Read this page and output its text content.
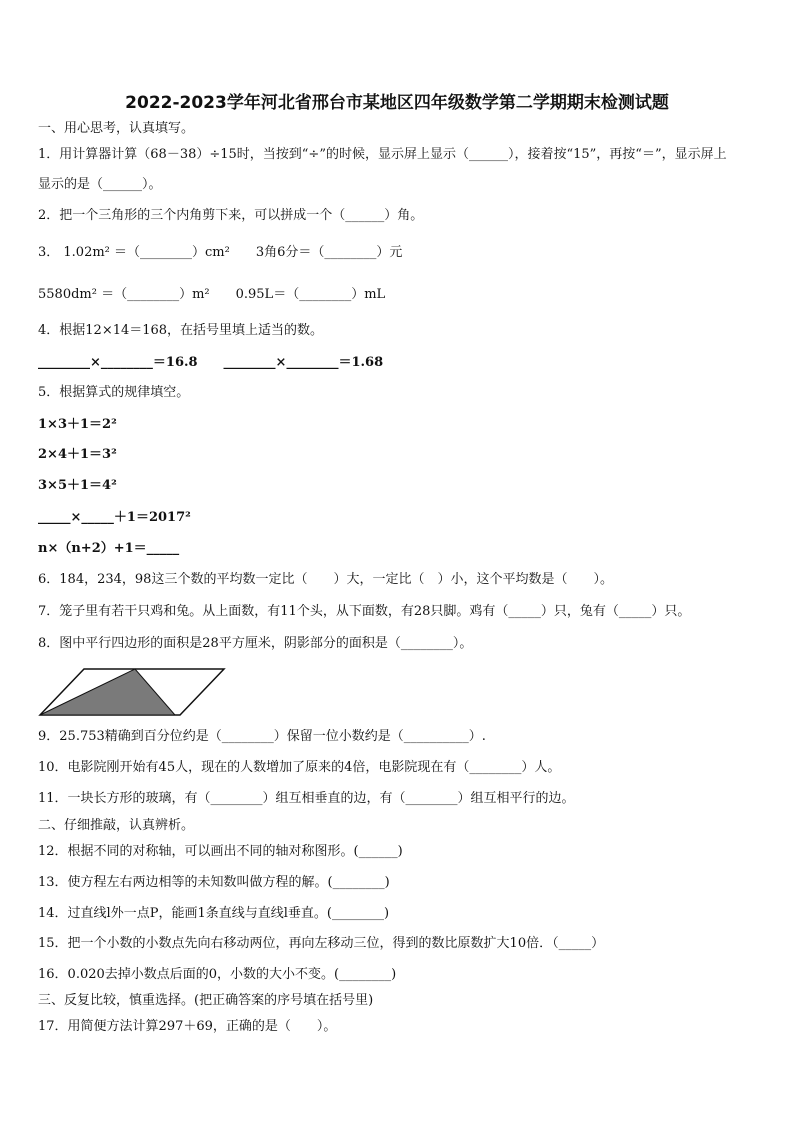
2022-2023学年河北省邢台市某地区四年级数学第二学期期末检测试题
一、用心思考，认真填写。
1．用计算器计算（68－38）÷15时，当按到“÷”的时候，显示屏上显示（______），接着按“15”，再按“＝”，显示屏上
显示的是（______）。
2．把一个三角形的三个内角剪下来，可以拼成一个（______）角。
3． 1.02m² ＝（________）cm²　　3角6分＝（________）元
5580dm² ＝（________）m²　　0.95L＝（________）mL
4．根据12×14＝168，在括号里填上适当的数。
________×________＝16.8　　________×________＝1.68
5．根据算式的规律填空。
1×3＋1＝2²
2×4＋1＝3²
3×5＋1＝4²
_____×_____＋1＝2017²
n×（n+2）+1＝_____
6．184，234，98这三个数的平均数一定比（　　）大，一定比（　）小，这个平均数是（　　）。
7．笼子里有若干只鸡和兔。从上面数，有11个头，从下面数，有28只脚。鸡有（_____）只，兔有（_____）只。
8．图中平行四边形的面积是28平方厘米，阴影部分的面积是（________）。
9．25.753精确到百分位约是（________）保留一位小数约是（__________）.
10．电影院刚开始有45人，现在的人数增加了原来的4倍，电影院现在有（________）人。
11．一块长方形的玻璃，有（________）组互相垂直的边，有（________）组互相平行的边。
二、仔细推敲，认真辨析。
12．根据不同的对称轴，可以画出不同的轴对称图形。(______)
13．使方程左右两边相等的未知数叫做方程的解。(________)
14．过直线l外一点P，能画1条直线与直线l垂直。(________)
15．把一个小数的小数点先向右移动两位，再向左移动三位，得到的数比原数扩大10倍．（_____）
16．0.020去掉小数点后面的0，小数的大小不变。(________)
三、反复比较，慎重选择。(把正确答案的序号填在括号里)
17．用简便方法计算297＋69，正确的是（　　）。
